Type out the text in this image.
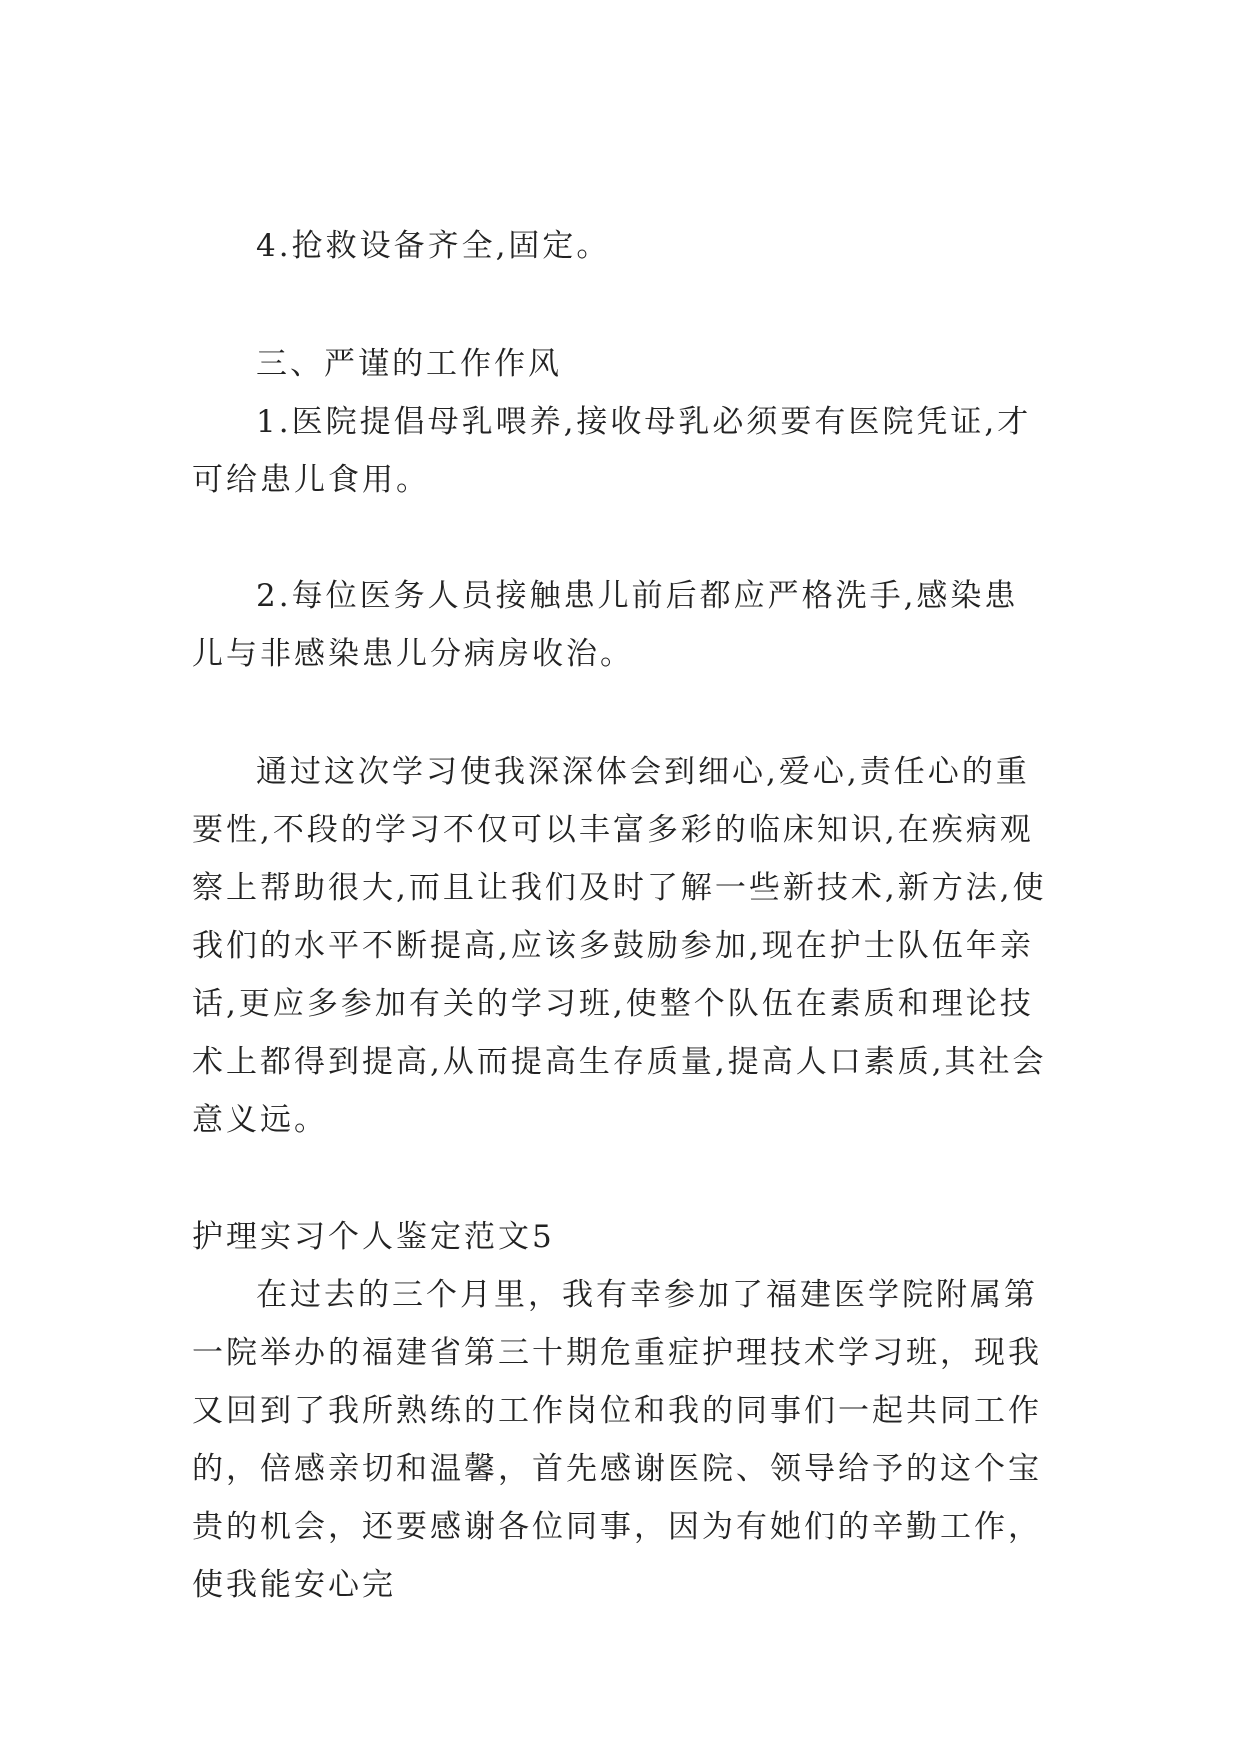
4.抢救设备齐全,固定。

三、严谨的工作作风

1.医院提倡母乳喂养,接收母乳必须要有医院凭证,才可给患儿食用。

2.每位医务人员接触患儿前后都应严格洗手,感染患儿与非感染患儿分病房收治。

通过这次学习使我深深体会到细心,爱心,责任心的重要性,不段的学习不仅可以丰富多彩的临床知识,在疾病观察上帮助很大,而且让我们及时了解一些新技术,新方法,使我们的水平不断提高,应该多鼓励参加,现在护士队伍年亲话,更应多参加有关的学习班,使整个队伍在素质和理论技术上都得到提高,从而提高生存质量,提高人口素质,其社会意义远。

护理实习个人鉴定范文5

在过去的三个月里，我有幸参加了福建医学院附属第一院举办的福建省第三十期危重症护理技术学习班，现我又回到了我所熟练的工作岗位和我的同事们一起共同工作的，倍感亲切和温馨，首先感谢医院、领导给予的这个宝贵的机会，还要感谢各位同事，因为有她们的辛勤工作，使我能安心完
